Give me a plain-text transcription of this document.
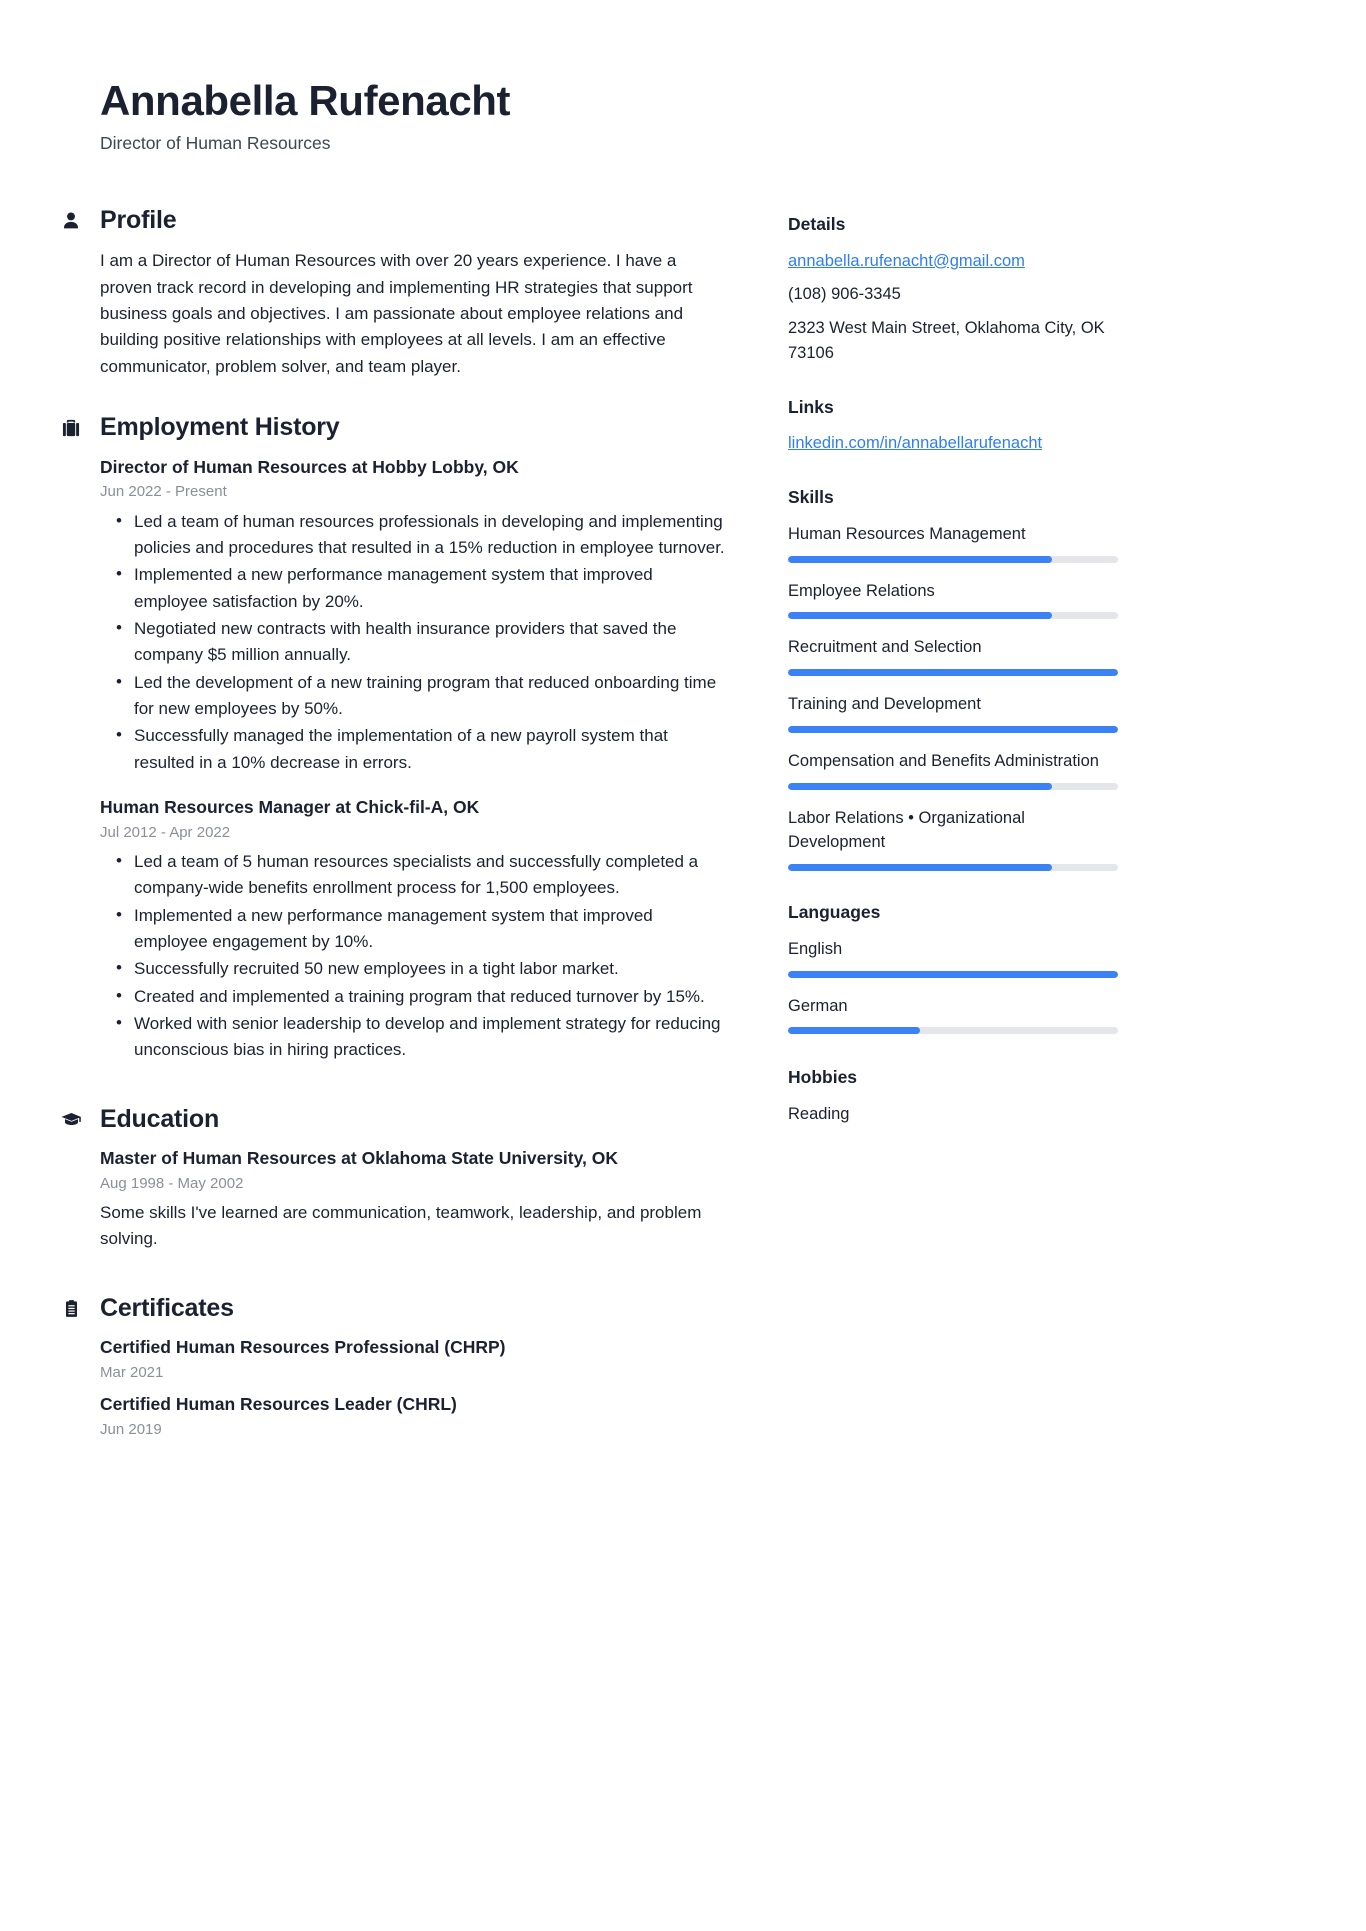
Annabella Rufenacht
Director of Human Resources
Profile

I am a Director of Human Resources with over 20 years experience. I have a proven track record in developing and implementing HR strategies that support business goals and objectives. I am passionate about employee relations and building positive relationships with employees at all levels. I am an effective communicator, problem solver, and team player.

Employment History
Director of Human Resources at Hobby Lobby, OK
Jun 2022 - Present
• Led a team of human resources professionals in developing and implementing policies and procedures that resulted in a 15% reduction in employee turnover.
• Implemented a new performance management system that improved employee satisfaction by 20%.
• Negotiated new contracts with health insurance providers that saved the company $5 million annually.
• Led the development of a new training program that reduced onboarding time for new employees by 50%.
• Successfully managed the implementation of a new payroll system that resulted in a 10% decrease in errors.
Human Resources Manager at Chick-fil-A, OK
Jul 2012 - Apr 2022
• Led a team of 5 human resources specialists and successfully completed a company-wide benefits enrollment process for 1,500 employees.
• Implemented a new performance management system that improved employee engagement by 10%.
• Successfully recruited 50 new employees in a tight labor market.
• Created and implemented a training program that reduced turnover by 15%.
• Worked with senior leadership to develop and implement strategy for reducing unconscious bias in hiring practices.
Education
Master of Human Resources at Oklahoma State University, OK
Aug 1998 - May 2002
Some skills I've learned are communication, teamwork, leadership, and problem solving.
Certificates
Certified Human Resources Professional (CHRP)
Mar 2021
Certified Human Resources Leader (CHRL)
Jun 2019
Details
annabella.rufenacht@gmail.com
(108) 906-3345
2323 West Main Street, Oklahoma City, OK 73106
Links
linkedin.com/in/annabellarufenacht
Skills
Human Resources Management
Employee Relations
Recruitment and Selection
Training and Development
Compensation and Benefits Administration
Labor Relations • Organizational Development
Languages
English
German
Hobbies
Reading
